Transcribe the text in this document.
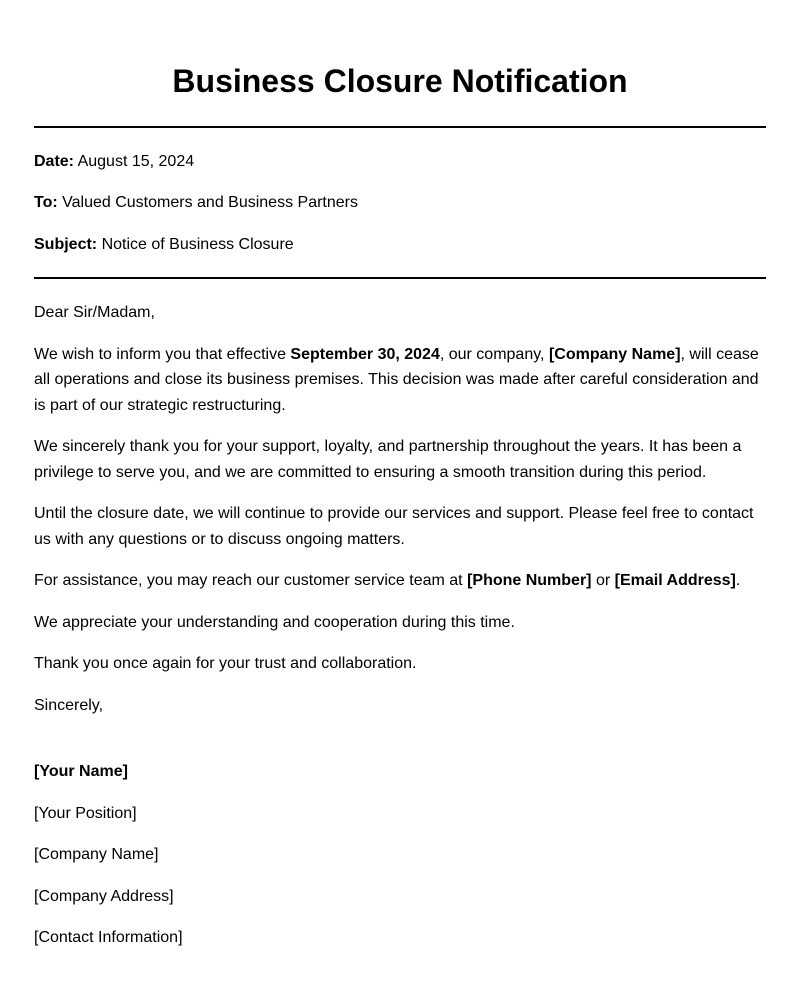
Business Closure Notification
Date: August 15, 2024
To: Valued Customers and Business Partners
Subject: Notice of Business Closure

Dear Sir/Madam,

We wish to inform you that effective September 30, 2024, our company, [Company Name], will cease all operations and close its business premises. This decision was made after careful consideration and is part of our strategic restructuring.

We sincerely thank you for your support, loyalty, and partnership throughout the years. It has been a privilege to serve you, and we are committed to ensuring a smooth transition during this period.

Until the closure date, we will continue to provide our services and support. Please feel free to contact us with any questions or to discuss ongoing matters.

For assistance, you may reach our customer service team at [Phone Number] or [Email Address].

We appreciate your understanding and cooperation during this time.

Thank you once again for your trust and collaboration.

Sincerely,

[Your Name]
[Your Position]
[Company Name]
[Company Address]
[Contact Information]
